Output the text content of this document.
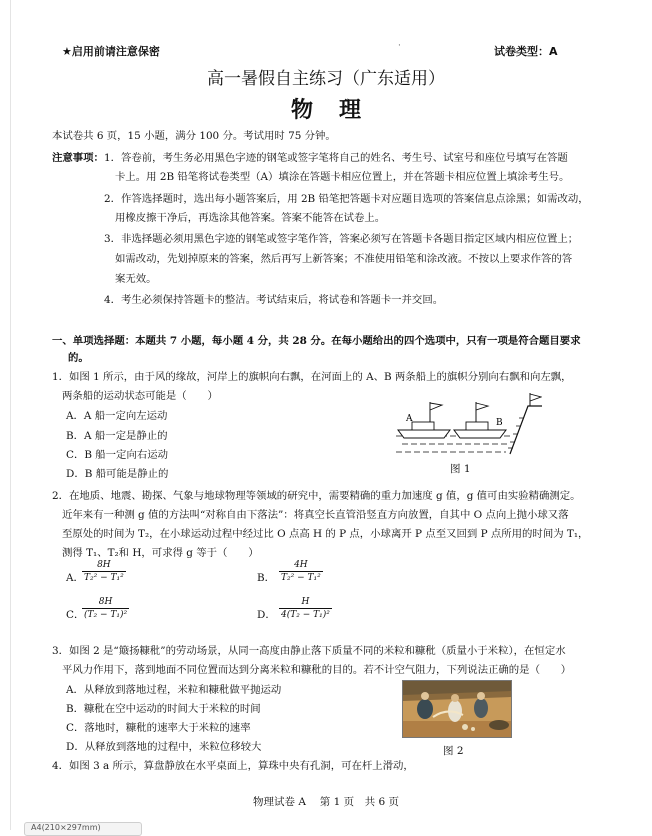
★启用前请注意保密	·	试卷类型：A
高一暑假自主练习（广东适用）
物理
本试卷共 6 页，15 小题，满分 100 分。考试用时 75 分钟。
注意事项： 1．答卷前，考生务必用黑色字迹的钢笔或签字笔将自己的姓名、考生号、试室号和座位号填写在答题
卡上。用 2B 铅笔将试卷类型（A）填涂在答题卡相应位置上，并在答题卡相应位置上填涂考生号。
2．作答选择题时，选出每小题答案后，用 2B 铅笔把答题卡对应题目选项的答案信息点涂黑；如需改动，
用橡皮擦干净后，再选涂其他答案。答案不能答在试卷上。
3．非选择题必须用黑色字迹的钢笔或签字笔作答，答案必须写在答题卡各题目指定区域内相应位置上；
如需改动，先划掉原来的答案，然后再写上新答案；不准使用铅笔和涂改液。不按以上要求作答的答
案无效。
4．考生必须保持答题卡的整洁。考试结束后，将试卷和答题卡一并交回。
一、单项选择题：本题共 7 小题，每小题 4 分，共 28 分。在每小题给出的四个选项中，只有一项是符合题目要求
的。
1．如图 1 所示，由于风的缘故，河岸上的旗帜向右飘，在河面上的 A、B 两条船上的旗帜分别向右飘和向左飘，
两条船的运动状态可能是（　　）
A．A 船一定向左运动
B．A 船一定是静止的
C．B 船一定向右运动
D．B 船可能是静止的
A	B
图 1
2．在地质、地震、勘探、气象与地球物理等领域的研究中，需要精确的重力加速度 g 值，g 值可由实验精确测定。
近年来有一种测 g 值的方法叫“对称自由下落法”：将真空长直管沿竖直方向放置，自其中 O 点向上抛小球又落
至原处的时间为 T₂，在小球运动过程中经过比 O 点高 H 的 P 点，小球离开 P 点至又回到 P 点所用的时间为 T₁，
测得 T₁、T₂和 H，可求得 g 等于（　　）
A．
8H
T₂² − T₁²	B．
4H
T₂² − T₁²
C．
8H
(T₂ − T₁)²	D．
H
4(T₂ − T₁)²
3．如图 2 是“簸扬糠秕”的劳动场景，从同一高度由静止落下质量不同的米粒和糠秕（质量小于米粒），在恒定水
平风力作用下，落到地面不同位置而达到分离米粒和糠秕的目的。若不计空气阻力，下列说法正确的是（　　）
A．从释放到落地过程，米粒和糠秕做平抛运动
B．糠秕在空中运动的时间大于米粒的时间
C．落地时，糠秕的速率大于米粒的速率
D．从释放到落地的过程中，米粒位移较大	图 2
4．如图 3 a 所示，算盘静放在水平桌面上，算珠中央有孔洞，可在杆上滑动，
物理试卷 A　 第 1 页　共 6 页
A4(210×297mm)
